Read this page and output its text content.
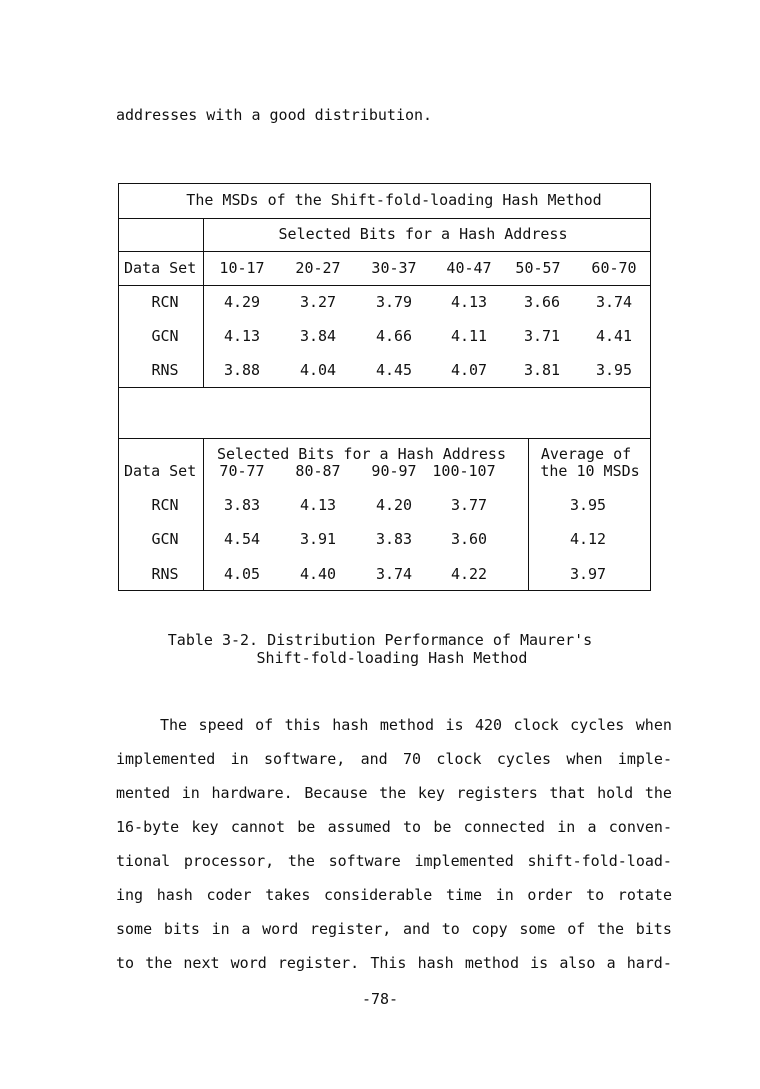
addresses with a good distribution.
The MSDs of the Shift-fold-loading Hash Method
Selected Bits for a Hash Address
Data Set 10-17 20-27 30-37 40-47 50-57 60-70
RCN	4.29	3.27	3.79	4.13 3.66 3.74
GCN	4.13	3.84	4.66	4.11 3.71 4.41
RNS	3.88	4.04	4.45	4.07 3.81 3.95
Selected Bits for a Hash Address Average of
Data Set 70-77 80-87 90-97 100-107	the 10 MSDs
RCN	3.83	4.13	4.20	3.77	3.95
GCN	4.54	3.91	3.83	3.60	4.12
RNS	4.05	4.40	3.74	4.22	3.97
Table 3-2. Distribution Performance of Maurer's
Shift-fold-loading Hash Method
The speed of this hash method is 420 clock cycles when
implemented in software, and 70 clock cycles when imple-
mented in hardware. Because the key registers that hold the
16-byte key cannot be assumed to be connected in a conven-
tional processor, the software implemented shift-fold-load-
ing hash coder takes considerable time in order to rotate
some bits in a word register, and to copy some of the bits
to the next word register. This hash method is also a hard-
-78-
